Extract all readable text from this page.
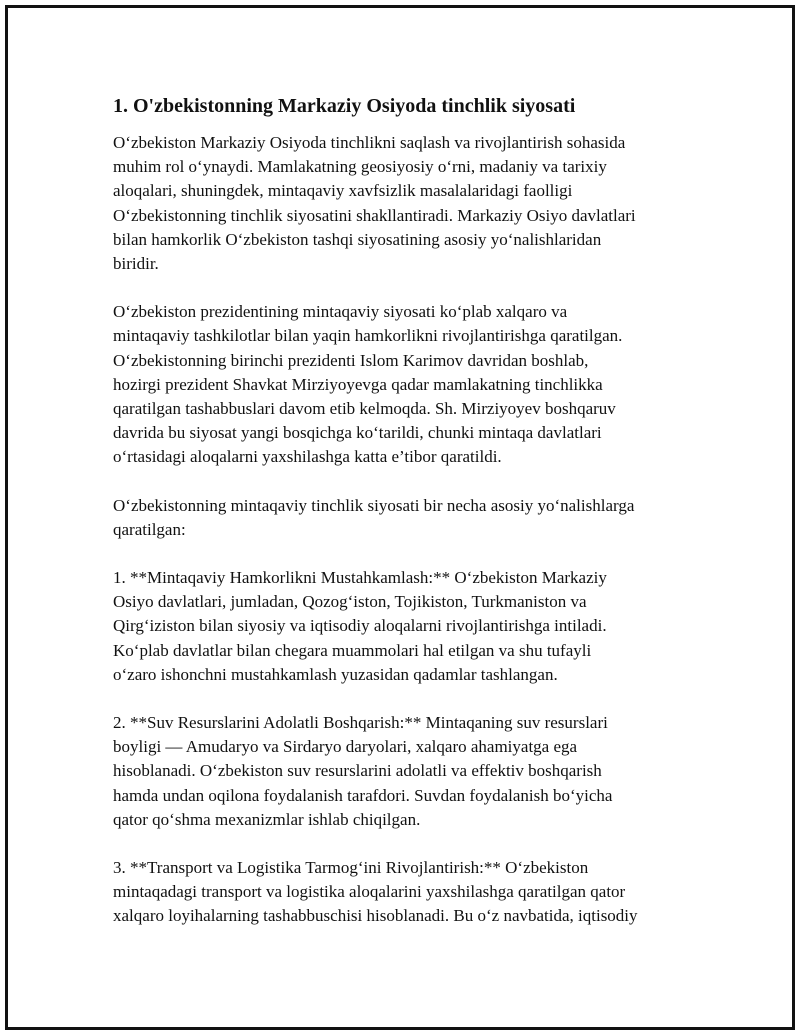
1. O'zbekistonning Markaziy Osiyoda tinchlik siyosati
O‘zbekiston Markaziy Osiyoda tinchlikni saqlash va rivojlantirish sohasida
muhim rol o‘ynaydi. Mamlakatning geosiyosiy o‘rni, madaniy va tarixiy
aloqalari, shuningdek, mintaqaviy xavfsizlik masalalaridagi faolligi
O‘zbekistonning tinchlik siyosatini shakllantiradi. Markaziy Osiyo davlatlari
bilan hamkorlik O‘zbekiston tashqi siyosatining asosiy yo‘nalishlaridan
biridir.
O‘zbekiston prezidentining mintaqaviy siyosati ko‘plab xalqaro va
mintaqaviy tashkilotlar bilan yaqin hamkorlikni rivojlantirishga qaratilgan.
O‘zbekistonning birinchi prezidenti Islom Karimov davridan boshlab,
hozirgi prezident Shavkat Mirziyoyevga qadar mamlakatning tinchlikka
qaratilgan tashabbuslari davom etib kelmoqda. Sh. Mirziyoyev boshqaruv
davrida bu siyosat yangi bosqichga ko‘tarildi, chunki mintaqa davlatlari
o‘rtasidagi aloqalarni yaxshilashga katta e’tibor qaratildi.
O‘zbekistonning mintaqaviy tinchlik siyosati bir necha asosiy yo‘nalishlarga
qaratilgan:
1. **Mintaqaviy Hamkorlikni Mustahkamlash:** O‘zbekiston Markaziy
Osiyo davlatlari, jumladan, Qozog‘iston, Tojikiston, Turkmaniston va
Qirg‘iziston bilan siyosiy va iqtisodiy aloqalarni rivojlantirishga intiladi.
Ko‘plab davlatlar bilan chegara muammolari hal etilgan va shu tufayli
o‘zaro ishonchni mustahkamlash yuzasidan qadamlar tashlangan.
2. **Suv Resurslarini Adolatli Boshqarish:** Mintaqaning suv resurslari
boyligi — Amudaryo va Sirdaryo daryolari, xalqaro ahamiyatga ega
hisoblanadi. O‘zbekiston suv resurslarini adolatli va effektiv boshqarish
hamda undan oqilona foydalanish tarafdori. Suvdan foydalanish bo‘yicha
qator qo‘shma mexanizmlar ishlab chiqilgan.
3. **Transport va Logistika Tarmog‘ini Rivojlantirish:** O‘zbekiston
mintaqadagi transport va logistika aloqalarini yaxshilashga qaratilgan qator
xalqaro loyihalarning tashabbuschisi hisoblanadi. Bu o‘z navbatida, iqtisodiy
